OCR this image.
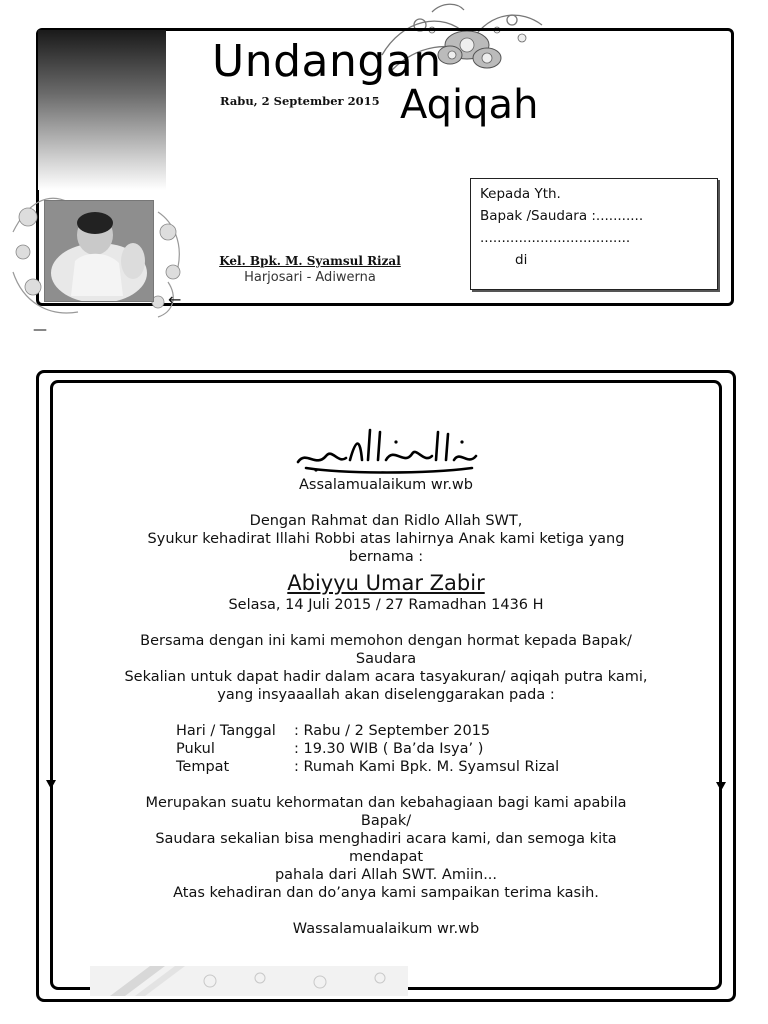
Undangan
Aqiqah
Rabu, 2 September 2015
Kel. Bpk. M. Syamsul Rizal
Harjosari - Adiwerna
←
—
Kepada Yth.
Bapak /Saudara :...........
...................................
di

Assalamualaikum wr.wb

Dengan Rahmat dan Ridlo Allah SWT,

Syukur kehadirat Illahi Robbi atas lahirnya Anak kami ketiga yang

bernama :

Abiyyu Umar Zabir

Selasa, 14 Juli 2015 / 27 Ramadhan 1436 H

Bersama dengan ini kami memohon dengan hormat kepada Bapak/

Saudara

Sekalian untuk dapat hadir dalam acara tasyakuran/ aqiqah putra kami,

yang insyaaallah akan diselenggarakan pada :

Hari / Tanggal	: Rabu / 2 September 2015
Pukul	: 19.30 WIB ( Ba’da Isya’ )
Tempat	: Rumah Kami Bpk. M. Syamsul Rizal

Merupakan suatu kehormatan dan kebahagiaan bagi kami apabila

Bapak/

Saudara sekalian bisa menghadiri acara kami, dan semoga kita

mendapat

pahala dari Allah SWT. Amiin...

Atas kehadiran dan do’anya kami sampaikan terima kasih.

Wassalamualaikum wr.wb
